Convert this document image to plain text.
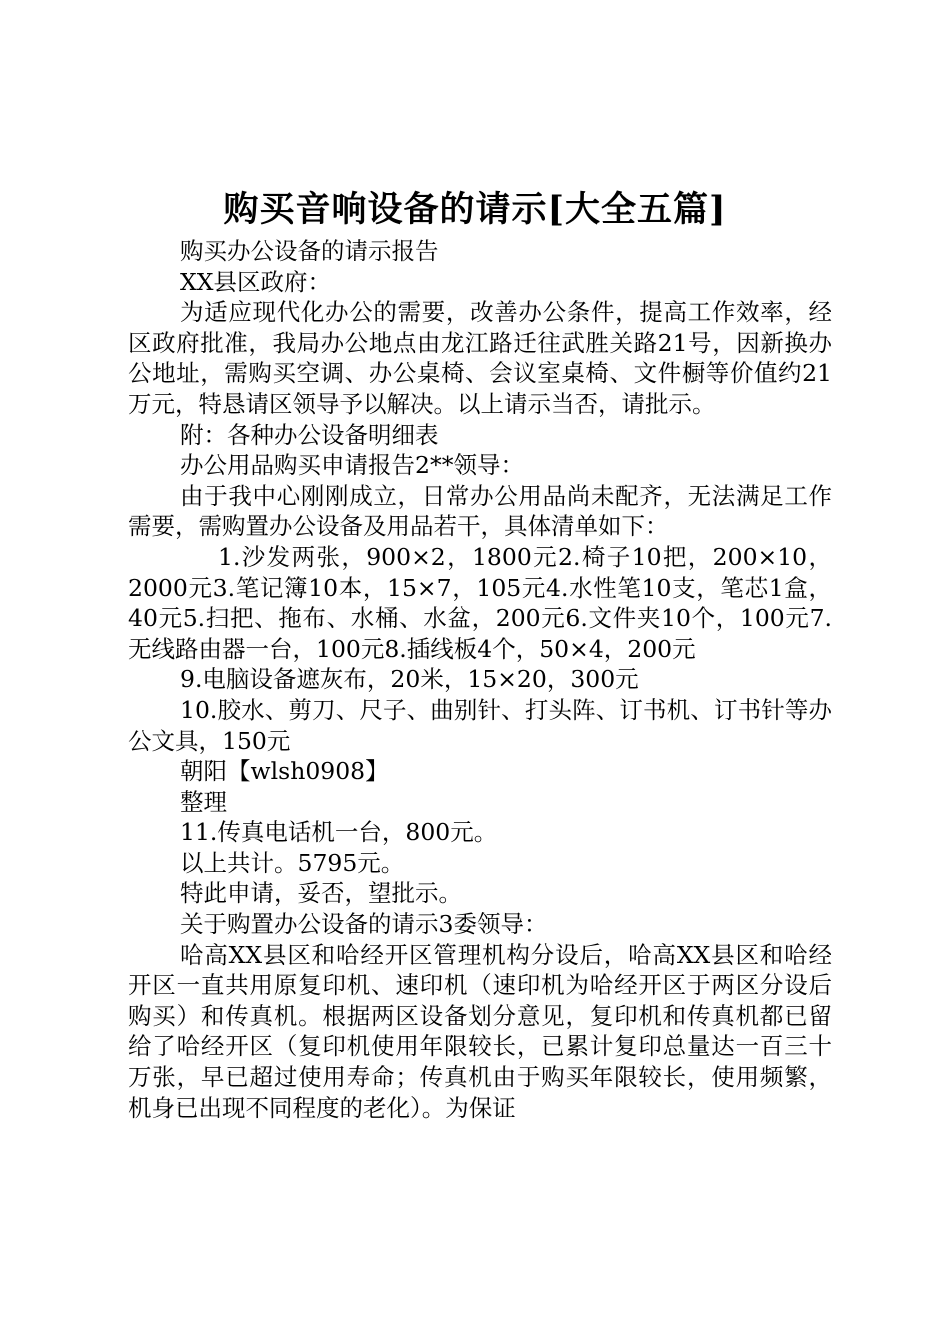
购买音响设备的请示[大全五篇]

购买办公设备的请示报告

XX县区政府：

为适应现代化办公的需要，改善办公条件，提高工作效率，经区政府批准，我局办公地点由龙江路迁往武胜关路21号，因新换办公地址，需购买空调、办公桌椅、会议室桌椅、文件橱等价值约21万元，特恳请区领导予以解决。以上请示当否，请批示。

附：各种办公设备明细表

办公用品购买申请报告2**领导：

由于我中心刚刚成立，日常办公用品尚未配齐，无法满足工作需要，需购置办公设备及用品若干，具体清单如下：

1.沙发两张，900×2，1800元2.椅子10把，200×10，2000元3.笔记簿10本，15×7，105元4.水性笔10支，笔芯1盒，40元5.扫把、拖布、水桶、水盆，200元6.文件夹10个，100元7.无线路由器一台，100元8.插线板4个，50×4，200元

9.电脑设备遮灰布，20米，15×20，300元

10.胶水、剪刀、尺子、曲别针、打头阵、订书机、订书针等办公文具，150元

朝阳【wlsh0908】

整理

11.传真电话机一台，800元。

以上共计。5795元。

特此申请，妥否，望批示。

关于购置办公设备的请示3委领导：

哈高XX县区和哈经开区管理机构分设后，哈高XX县区和哈经开区一直共用原复印机、速印机（速印机为哈经开区于两区分设后购买）和传真机。根据两区设备划分意见，复印机和传真机都已留给了哈经开区（复印机使用年限较长，已累计复印总量达一百三十万张，早已超过使用寿命；传真机由于购买年限较长，使用频繁，机身已出现不同程度的老化）。为保证
